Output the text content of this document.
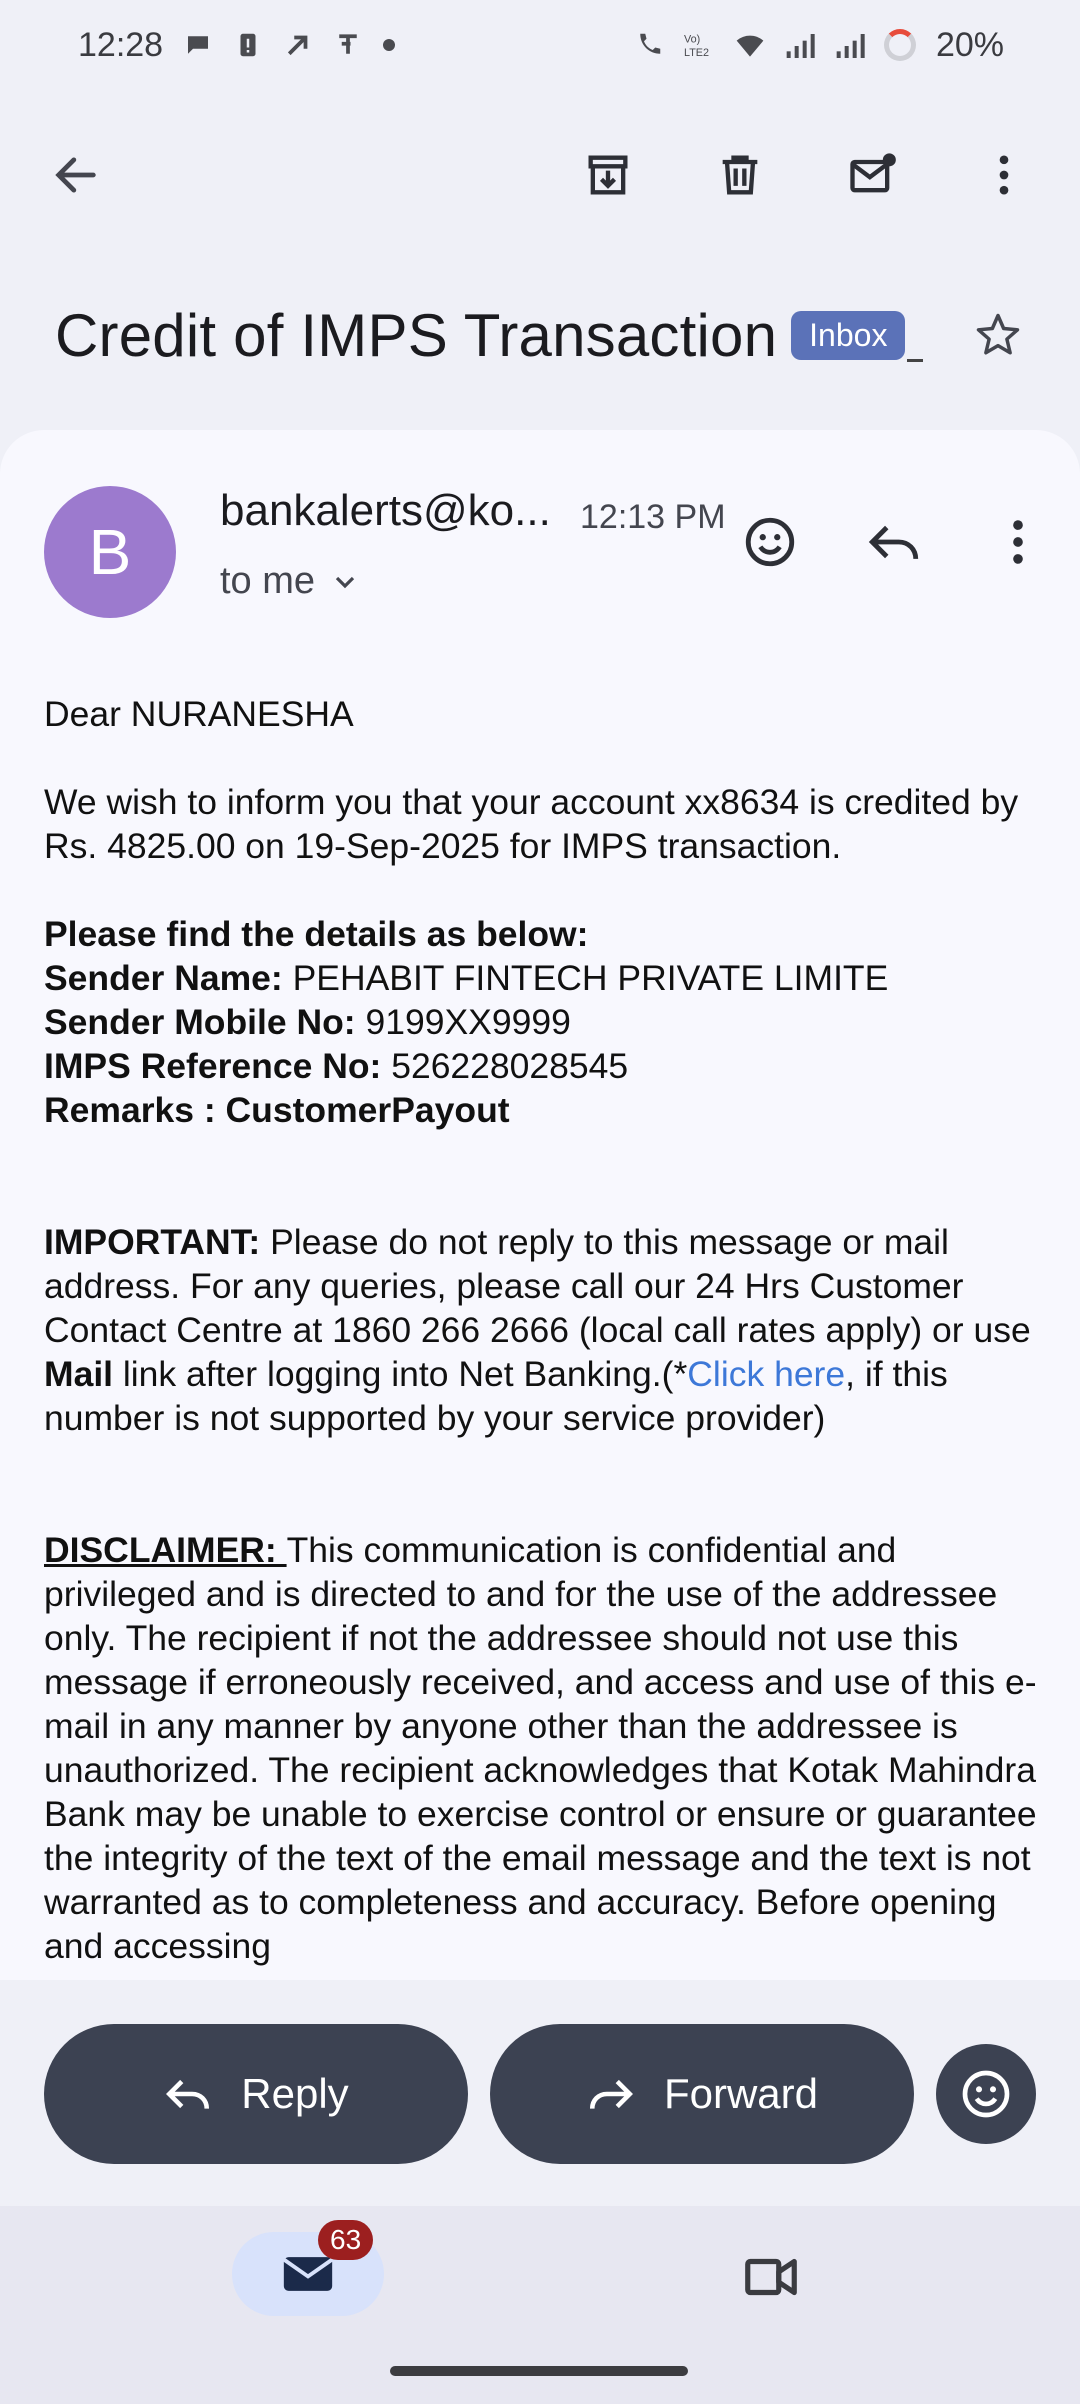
12:28	Vo)
LTE2	20%
Credit of IMPS Transaction	Inbox
B
bankalerts@ko... 12:13 PM
to me

Dear NURANESHA

We wish to inform you that your account xx8634 is credited by Rs. 4825.00 on 19-Sep-2025 for IMPS transaction.

Please find the details as below:
Sender Name: PEHABIT FINTECH PRIVATE LIMITE
Sender Mobile No: 9199XX9999
IMPS Reference No: 526228028545
Remarks : CustomerPayout

IMPORTANT: Please do not reply to this message or mail address. For any queries, please call our 24 Hrs Customer Contact Centre at 1860 266 2666 (local call rates apply) or use Mail link after logging into Net Banking.(*Click here, if this number is not supported by your service provider)

DISCLAIMER: This communication is confidential and privileged and is directed to and for the use of the addressee only. The recipient if not the addressee should not use this message if erroneously received, and access and use of this e-mail in any manner by anyone other than the addressee is unauthorized. The recipient acknowledges that Kotak Mahindra Bank may be unable to exercise control or ensure or guarantee the integrity of the text of the email message and the text is not warranted as to completeness and accuracy. Before opening and accessing

Reply	Forward
63
